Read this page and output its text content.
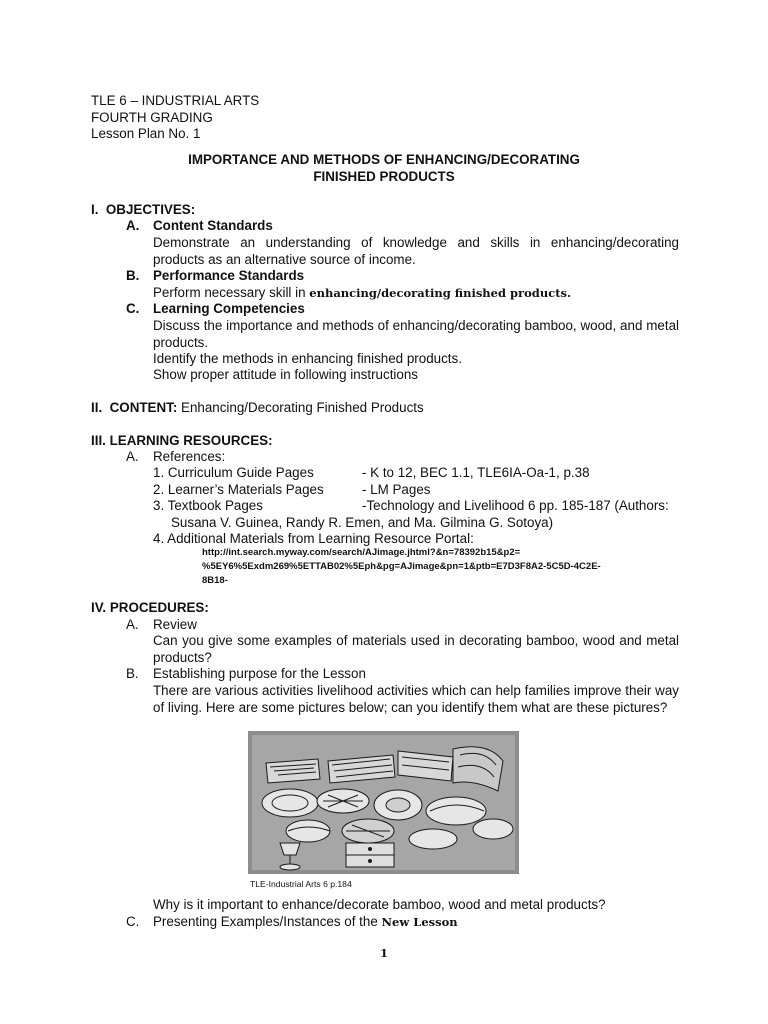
TLE 6 – INDUSTRIAL ARTS
FOURTH GRADING
Lesson Plan No. 1
IMPORTANCE AND METHODS OF ENHANCING/DECORATING
FINISHED PRODUCTS
I.  OBJECTIVES:
A. Content Standards
Demonstrate an understanding of knowledge and skills in enhancing/decorating products as an alternative source of income.
B. Performance Standards
Perform necessary skill in enhancing/decorating finished products.
C. Learning Competencies
Discuss the importance and methods of enhancing/decorating bamboo, wood, and metal products.
Identify the methods in enhancing finished products.
Show proper attitude in following instructions
II.  CONTENT: Enhancing/Decorating Finished Products
III. LEARNING RESOURCES:
A. References:
1. Curriculum Guide Pages	- K to 12, BEC 1.1, TLE6IA-Oa-1, p.38
2. Learner’s Materials Pages	- LM Pages
3. Textbook Pages	-Technology and Livelihood 6 pp. 185-187 (Authors:
Susana V. Guinea, Randy R. Emen, and Ma. Gilmina G. Sotoya)
4. Additional Materials from Learning Resource Portal:
http://int.search.myway.com/search/AJimage.jhtml?&n=78392b15&p2=
%5EY6%5Exdm269%5ETTAB02%5Eph&pg=AJimage&pn=1&ptb=E7D3F8A2-5C5D-4C2E-
8B18-
IV. PROCEDURES:
A. Review
Can you give some examples of materials used in decorating bamboo, wood and metal products?
B. Establishing purpose for the Lesson
There are various activities livelihood activities which can help families improve their way of living. Here are some pictures below; can you identify them what are these pictures?
TLE-Industrial Arts 6 p.184
Why is it important to enhance/decorate bamboo, wood and metal products?
C. Presenting Examples/Instances of the New Lesson
1
